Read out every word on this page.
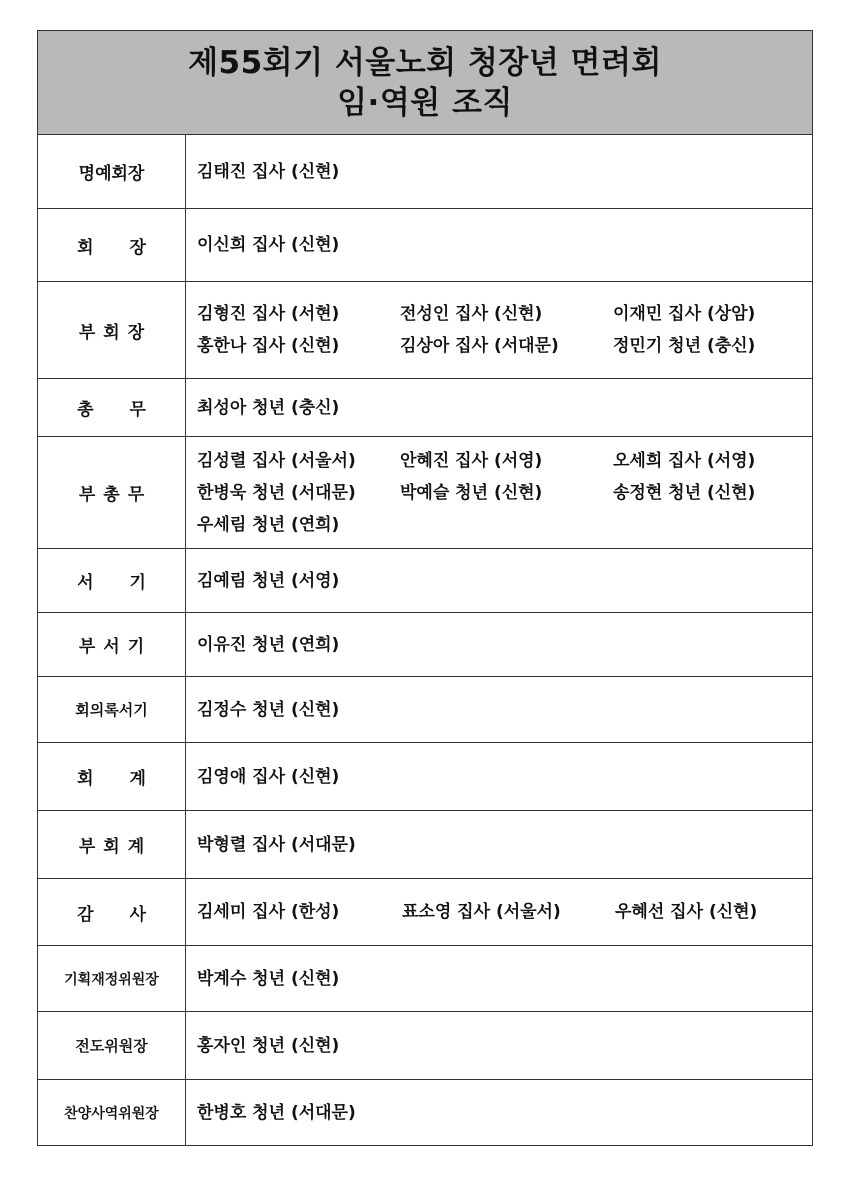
제55회기 서울노회 청장년 면려회
임·역원 조직
명예회장	김태진 집사 (신현)
회장 이신희 집사 (신현)
부회장
김형진 집사 (서현)	전성인 집사 (신현)	이재민 집사 (상암)
홍한나 집사 (신현)	김상아 집사 (서대문)	정민기 청년 (충신)
총무 최성아 청년 (충신)
부총무
김성렬 집사 (서울서)	안혜진 집사 (서영)	오세희 집사 (서영)
한병욱 청년 (서대문)	박예슬 청년 (신현)	송정현 청년 (신현)
우세림 청년 (연희)
서기 김예림 청년 (서영)
부서기	이유진 청년 (연희)
회의록서기	김정수 청년 (신현)
회계 김영애 집사 (신현)
부회계	박형렬 집사 (서대문)
감사 김세미 집사 (한성)	표소영 집사 (서울서)	우혜선 집사 (신현)
기획재정위원장	박계수 청년 (신현)
전도위원장	홍자인 청년 (신현)
찬양사역위원장	한병호 청년 (서대문)
